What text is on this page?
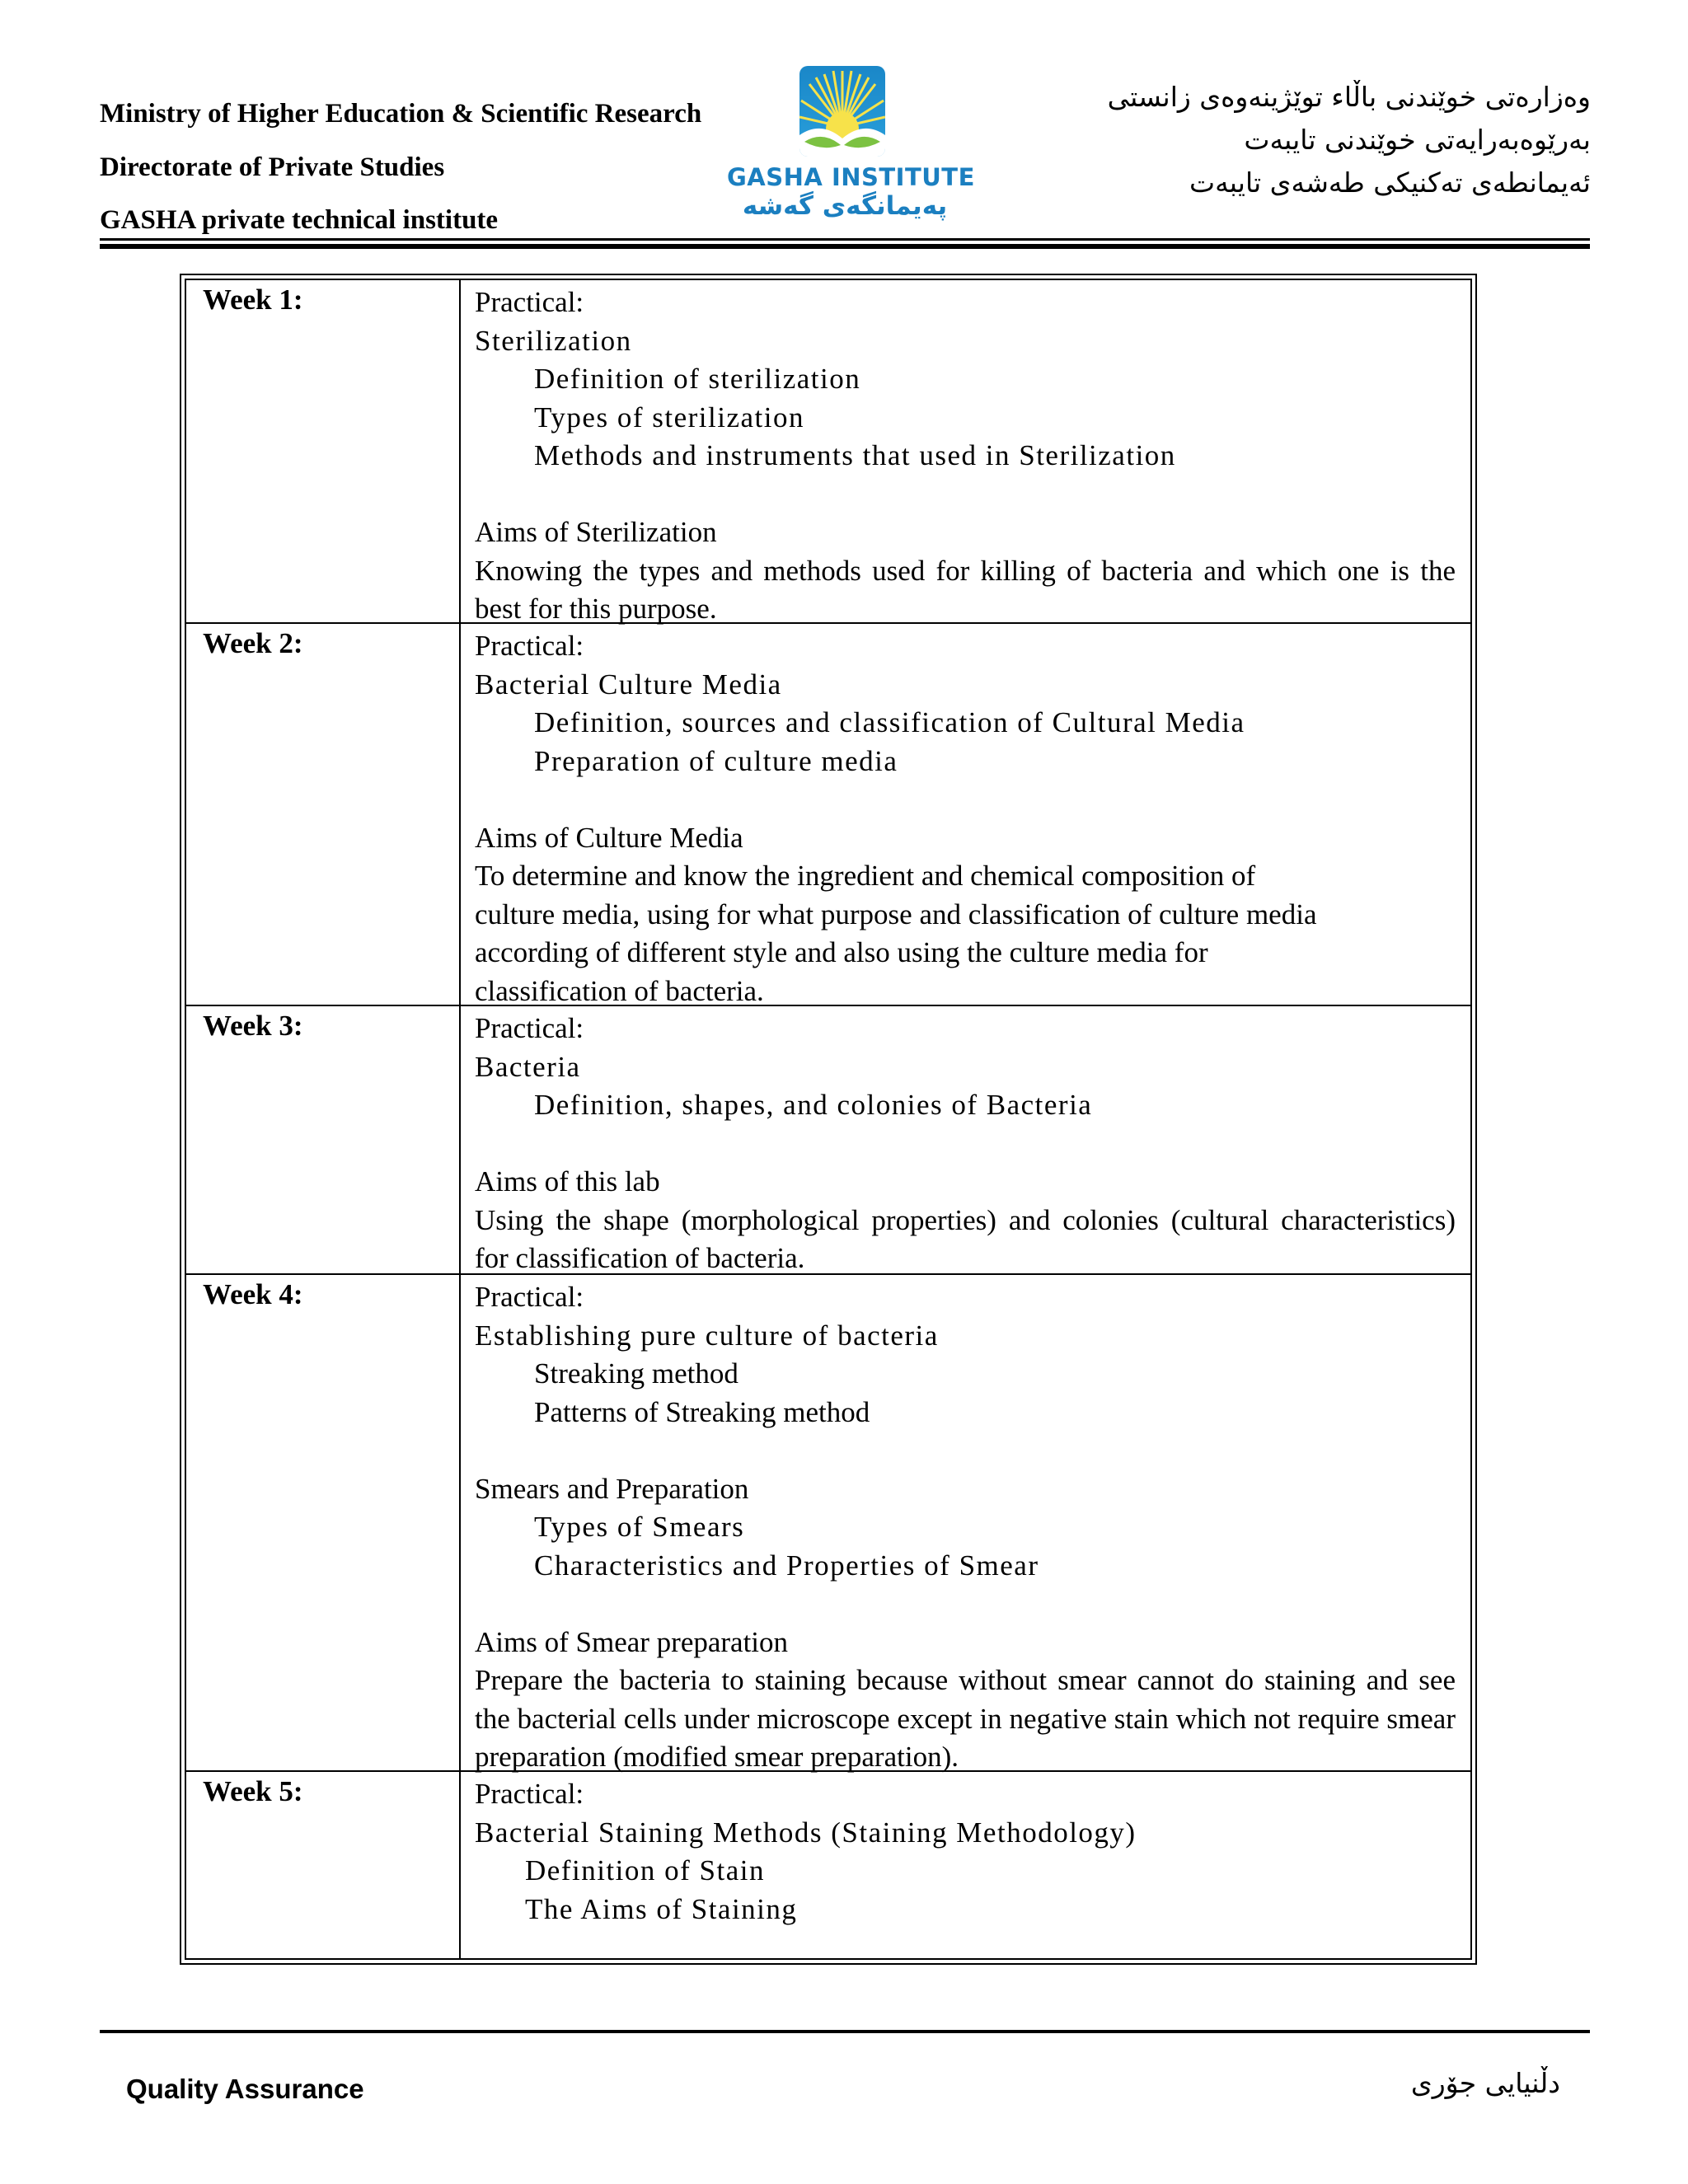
Ministry of Higher Education & Scientific Research
Directorate of Private Studies
GASHA private technical institute
وەزارەتی خوێندنی باڵاء توێژینەوەی زانستی
بەرێوەبەرایەتی خوێندنی تایبەت
ئەیمانطەی تەکنیکی طەشەی تایبەت
GASHA INSTITUTE
پەیمانگەی گەشە
Week 1:	Practical:
Sterilization
Definition of sterilization
Types of sterilization
Methods and instruments that used in Sterilization
Aims of Sterilization
Knowing the types and methods used for killing of bacteria and which one is the best for this purpose.
Week 2:	Practical:
Bacterial Culture Media
Definition, sources and classification of Cultural Media
Preparation of culture media
Aims of Culture Media
To determine and know the ingredient and chemical composition of
culture media, using for what purpose and classification of culture media
according of different style and also using the culture media for
classification of bacteria.
Week 3:	Practical:
Bacteria
Definition, shapes, and colonies of Bacteria
Aims of this lab
Using the shape (morphological properties) and colonies (cultural characteristics) for classification of bacteria.
Week 4:	Practical:
Establishing pure culture of bacteria
Streaking method
Patterns of Streaking method
Smears and Preparation
Types of Smears
Characteristics and Properties of Smear
Aims of Smear preparation
Prepare the bacteria to staining because without smear cannot do staining and see the bacterial cells under microscope except in negative stain which not require smear preparation (modified smear preparation).
Week 5:	Practical:
Bacterial Staining Methods (Staining Methodology)
Definition of Stain
The Aims of Staining
Quality Assurance	دڵنیایی جۆری
